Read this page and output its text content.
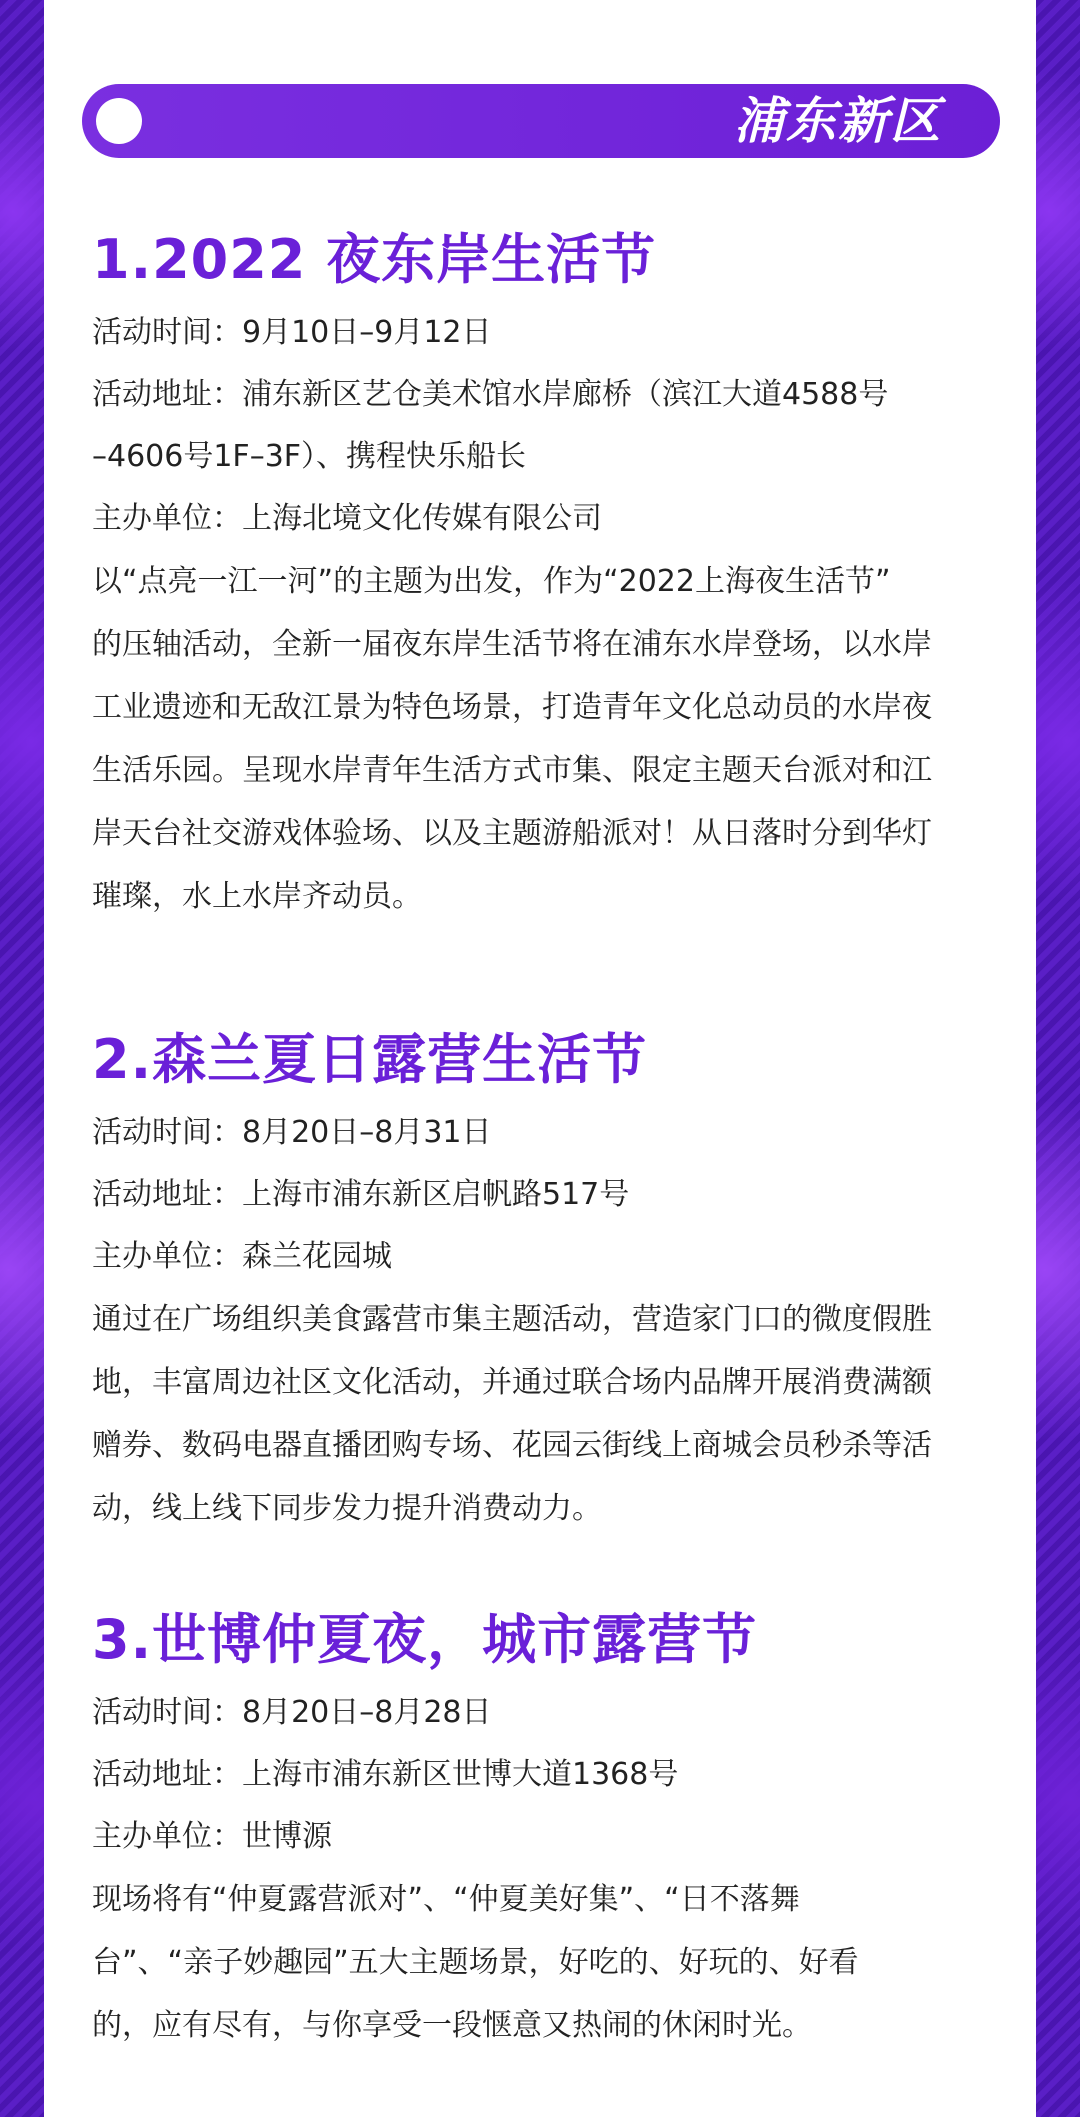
浦东新区
1.2022 夜东岸生活节

活动时间：9月10日–9月12日

活动地址：浦东新区艺仓美术馆水岸廊桥（滨江大道4588号

–4606号1F–3F）、携程快乐船长

主办单位：上海北境文化传媒有限公司

以“点亮一江一河”的主题为出发，作为“2022上海夜生活节”
的压轴活动，全新一届夜东岸生活节将在浦东水岸登场，以水岸
工业遗迹和无敌江景为特色场景，打造青年文化总动员的水岸夜
生活乐园。呈现水岸青年生活方式市集、限定主题天台派对和江
岸天台社交游戏体验场、以及主题游船派对！从日落时分到华灯
璀璨，水上水岸齐动员。
2.森兰夏日露营生活节

活动时间：8月20日–8月31日

活动地址：上海市浦东新区启帆路517号

主办单位：森兰花园城

通过在广场组织美食露营市集主题活动，营造家门口的微度假胜
地，丰富周边社区文化活动，并通过联合场内品牌开展消费满额
赠券、数码电器直播团购专场、花园云街线上商城会员秒杀等活
动，线上线下同步发力提升消费动力。
3.世博仲夏夜，城市露营节

活动时间：8月20日–8月28日

活动地址：上海市浦东新区世博大道1368号

主办单位：世博源

现场将有“仲夏露营派对”、“仲夏美好集”、“日不落舞
台”、“亲子妙趣园”五大主题场景，好吃的、好玩的、好看
的，应有尽有，与你享受一段惬意又热闹的休闲时光。
